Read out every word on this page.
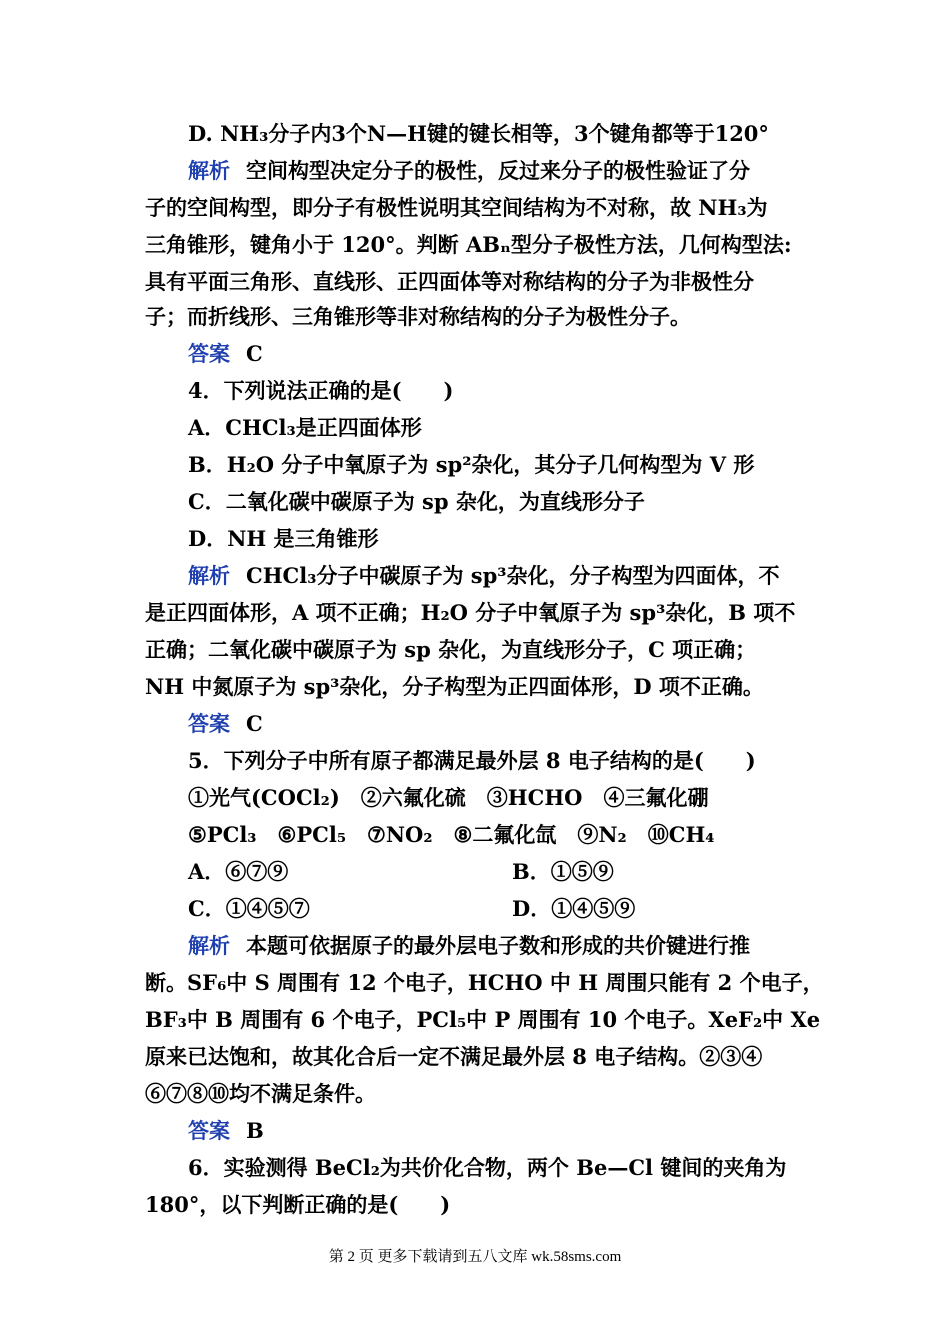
D. NH₃分子内3个N—H键的键长相等，3个键角都等于120°
解析 空间构型决定分子的极性，反过来分子的极性验证了分
子的空间构型，即分子有极性说明其空间结构为不对称，故 NH₃为
三角锥形，键角小于 120°。判断 ABₙ型分子极性方法，几何构型法:
具有平面三角形、直线形、正四面体等对称结构的分子为非极性分
子；而折线形、三角锥形等非对称结构的分子为极性分子。
答案 C
4．下列说法正确的是(　　)
A．CHCl₃是正四面体形
B．H₂O 分子中氧原子为 sp²杂化，其分子几何构型为 V 形
C．二氧化碳中碳原子为 sp 杂化，为直线形分子
D．NH 是三角锥形
解析 CHCl₃分子中碳原子为 sp³杂化，分子构型为四面体，不
是正四面体形，A 项不正确；H₂O 分子中氧原子为 sp³杂化，B 项不
正确；二氧化碳中碳原子为 sp 杂化，为直线形分子，C 项正确；
NH 中氮原子为 sp³杂化，分子构型为正四面体形，D 项不正确。
答案 C
5．下列分子中所有原子都满足最外层 8 电子结构的是(　　)
①光气(COCl₂)　②六氟化硫　③HCHO　④三氟化硼
⑤PCl₃　⑥PCl₅　⑦NO₂　⑧二氟化氙　⑨N₂　⑩CH₄
A．⑥⑦⑨	B．①⑤⑨
C．①④⑤⑦	D．①④⑤⑨
解析 本题可依据原子的最外层电子数和形成的共价键进行推
断。SF₆中 S 周围有 12 个电子，HCHO 中 H 周围只能有 2 个电子，
BF₃中 B 周围有 6 个电子，PCl₅中 P 周围有 10 个电子。XeF₂中 Xe
原来已达饱和，故其化合后一定不满足最外层 8 电子结构。②③④
⑥⑦⑧⑩均不满足条件。
答案 B
6．实验测得 BeCl₂为共价化合物，两个 Be—Cl 键间的夹角为
180°，以下判断正确的是(　　)
第 2 页 更多下载请到五八文库 wk.58sms.com
